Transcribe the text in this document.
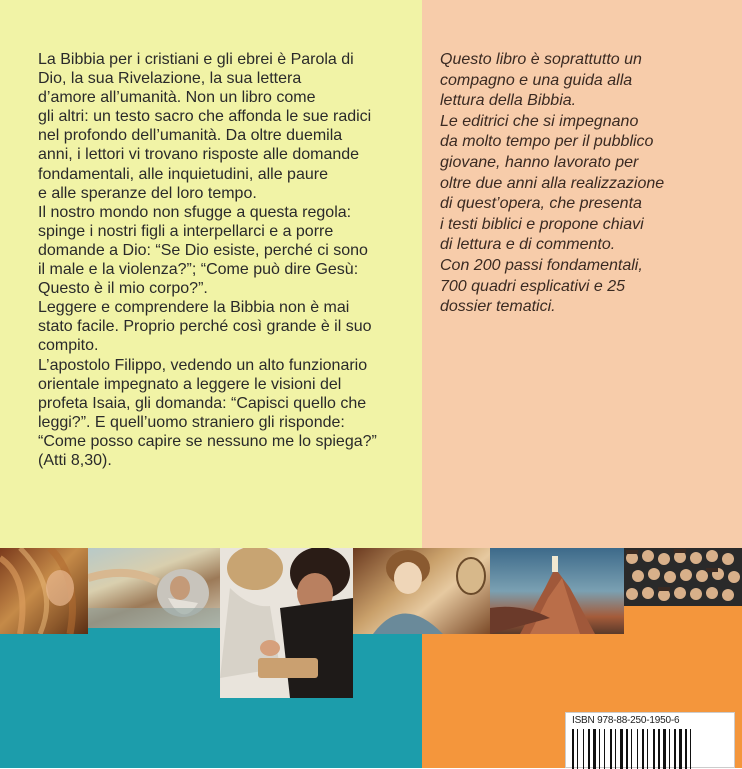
La Bibbia per i cristiani e gli ebrei è Parola di
Dio, la sua Rivelazione, la sua lettera
d’amore all’umanità. Non un libro come
gli altri: un testo sacro che affonda le sue radici
nel profondo dell’umanità. Da oltre duemila
anni, i lettori vi trovano risposte alle domande
fondamentali, alle inquietudini, alle paure
e alle speranze del loro tempo.
Il nostro mondo non sfugge a questa regola:
spinge i nostri figli a interpellarci e a porre
domande a Dio: “Se Dio esiste, perché ci sono
il male e la violenza?”; “Come può dire Gesù:
Questo è il mio corpo?”.
Leggere e comprendere la Bibbia non è mai
stato facile. Proprio perché così grande è il suo
compito.
L’apostolo Filippo, vedendo un alto funzionario
orientale impegnato a leggere le visioni del
profeta Isaia, gli domanda: “Capisci quello che
leggi?”. E quell’uomo straniero gli risponde:
“Come posso capire se nessuno me lo spiega?”
(Atti 8,30).

Questo libro è soprattutto un
compagno e una guida alla
lettura della Bibbia.
Le editrici che si impegnano
da molto tempo per il pubblico
giovane, hanno lavorato per
oltre due anni alla realizzazione
di quest’opera, che presenta
i testi biblici e propone chiavi
di lettura e di commento.
Con 200 passi fondamentali,
700 quadri esplicativi e 25
dossier tematici.

ISBN 978-88-250-1950-6
